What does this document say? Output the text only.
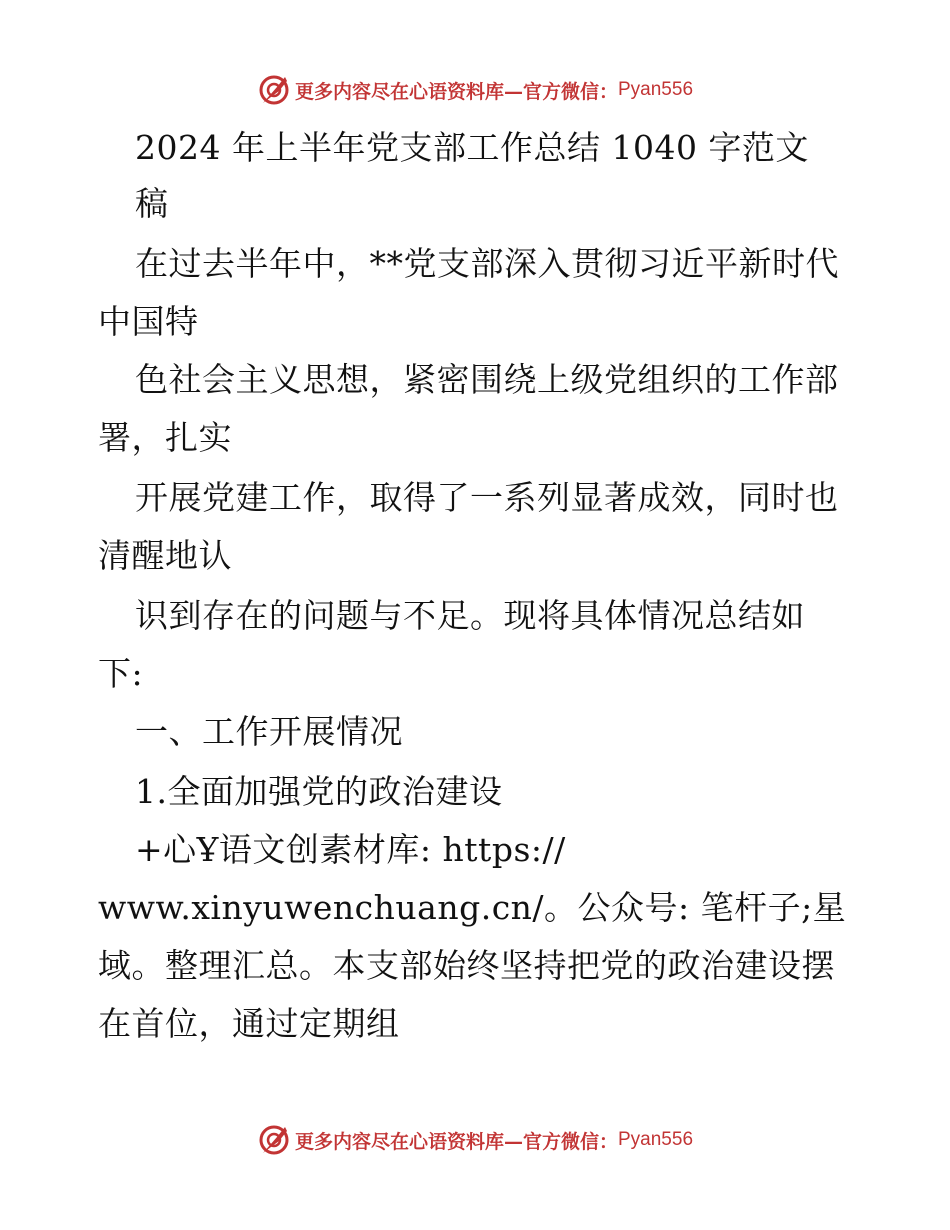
更多内容尽在心语资料库— 官方微信： Pyan556
2024 年上半年党支部工作总结 1040 字范文
稿
在过去半年中，**党支部深入贯彻习近平新时代
中国特
色社会主义思想，紧密围绕上级党组织的工作部
署，扎实
开展党建工作，取得了一系列显著成效，同时也
清醒地认
识到存在的问题与不足。现将具体情况总结如
下:
一、工作开展情况
1.全面加强党的政治建设
+心Ұ语文创素材库: https://
www.xinyuwenchuang.cn/。公众号: 笔杆子;星
域。整理汇总。本支部始终坚持把党的政治建设摆
在首位，通过定期组
更多内容尽在心语资料库— 官方微信： Pyan556
